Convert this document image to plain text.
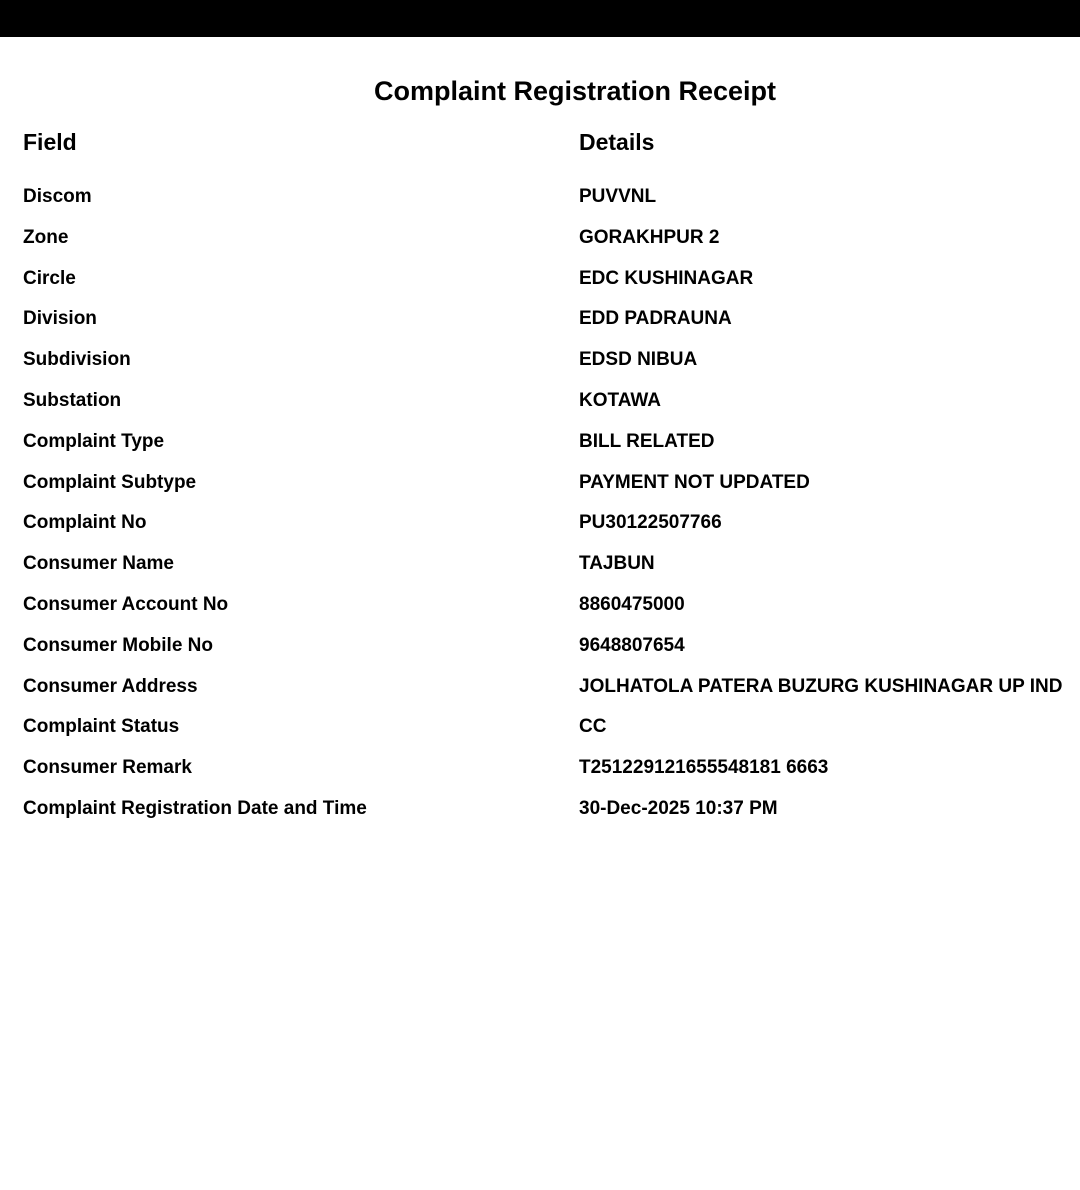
Complaint Registration Receipt
Field	Details
Discom	PUVVNL
Zone	GORAKHPUR 2
Circle	EDC KUSHINAGAR
Division	EDD PADRAUNA
Subdivision	EDSD NIBUA
Substation	KOTAWA
Complaint Type	BILL RELATED
Complaint Subtype	PAYMENT NOT UPDATED
Complaint No	PU30122507766
Consumer Name	TAJBUN
Consumer Account No	8860475000
Consumer Mobile No	9648807654
Consumer Address	JOLHATOLA PATERA BUZURG KUSHINAGAR UP IND
Complaint Status	CC
Consumer Remark	T251229121655548181 6663
Complaint Registration Date and Time	30-Dec-2025 10:37 PM
